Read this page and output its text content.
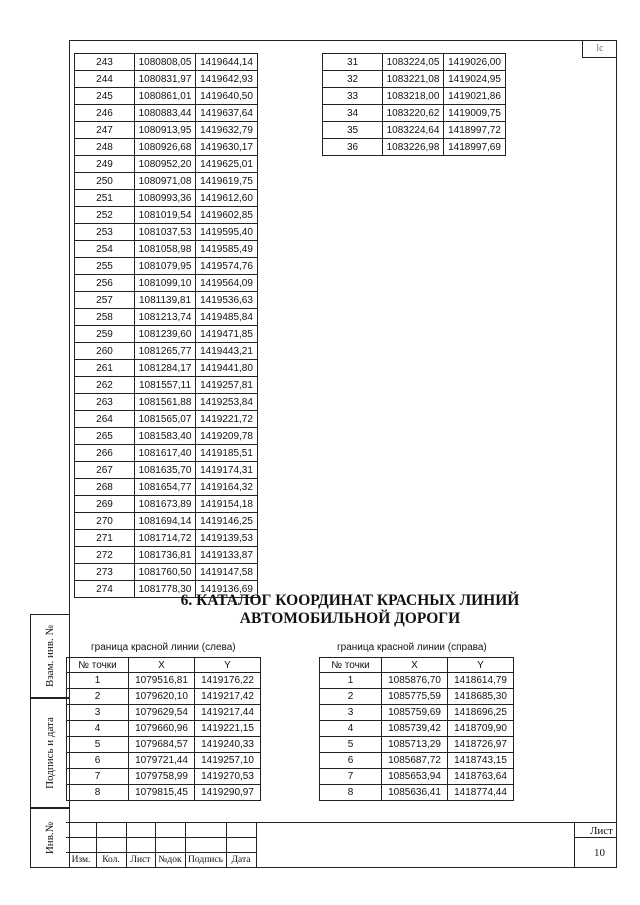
lc
243	1080808,05	1419644,14
244	1080831,97	1419642,93
245	1080861,01	1419640,50
246	1080883,44	1419637,64
247	1080913,95	1419632,79
248	1080926,68	1419630,17
249	1080952,20	1419625,01
250	1080971,08	1419619,75
251	1080993,36	1419612,60
252	1081019,54	1419602,85
253	1081037,53	1419595,40
254	1081058,98	1419585,49
255	1081079,95	1419574,76
256	1081099,10	1419564,09
257	1081139,81	1419536,63
258	1081213,74	1419485,84
259	1081239,60	1419471,85
260	1081265,77	1419443,21
261	1081284,17	1419441,80
262	1081557,11	1419257,81
263	1081561,88	1419253,84
264	1081565,07	1419221,72
265	1081583,40	1419209,78
266	1081617,40	1419185,51
267	1081635,70	1419174,31
268	1081654,77	1419164,32
269	1081673,89	1419154,18
270	1081694,14	1419146,25
271	1081714,72	1419139,53
272	1081736,81	1419133,87
273	1081760,50	1419147,58
274	1081778,30	1419136,69
31	1083224,05	1419026,00
32	1083221,08	1419024,95
33	1083218,00	1419021,86
34	1083220,62	1419009,75
35	1083224,64	1418997,72
36	1083226,98	1418997,69
6. КАТАЛОГ КООРДИНАТ КРАСНЫХ ЛИНИЙ
АВТОМОБИЛЬНОЙ ДОРОГИ
граница красной линии (слева)	граница красной линии (справа)
№ точки	X	Y
1	1079516,81	1419176,22
2	1079620,10	1419217,42
3	1079629,54	1419217,44
4	1079660,96	1419221,15
5	1079684,57	1419240,33
6	1079721,44	1419257,10
7	1079758,99	1419270,53
8	1079815,45	1419290,97
№ точки	X	Y
1	1085876,70	1418614,79
2	1085775,59	1418685,30
3	1085759,69	1418696,25
4	1085739,42	1418709,90
5	1085713,29	1418726,97
6	1085687,72	1418743,15
7	1085653,94	1418763,64
8	1085636,41	1418774,44
Взам. инв. №
Подпись и дата
Инв.№
Изм.	Кол.	Лист №док Подпись Дата
Лист
10
